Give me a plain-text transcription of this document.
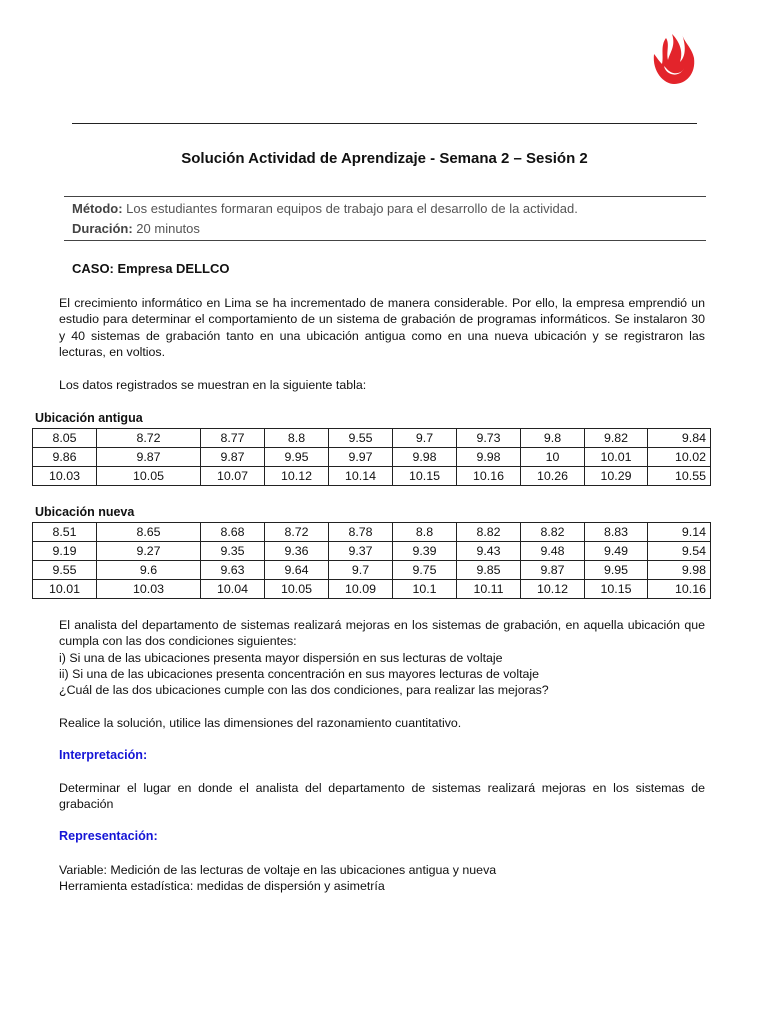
Solución Actividad de Aprendizaje - Semana 2 – Sesión 2
Método: Los estudiantes formaran equipos de trabajo para el desarrollo de la actividad.
Duración: 20 minutos
CASO: Empresa DELLCO

El crecimiento informático en Lima se ha incrementado de manera considerable. Por ello, la empresa emprendió un estudio para determinar el comportamiento de un sistema de grabación de programas informáticos. Se instalaron 30 y 40 sistemas de grabación tanto en una ubicación antigua como en una nueva ubicación y se registraron las lecturas, en voltios.

Los datos registrados se muestran en la siguiente tabla:

Ubicación antigua
8.05	8.72	8.77	8.8	9.55	9.7	9.73	9.8	9.82	9.84
9.86	9.87	9.87	9.95	9.97	9.98	9.98	10	10.01	10.02
10.03	10.05	10.07	10.12	10.14	10.15	10.16	10.26	10.29	10.55
Ubicación nueva
8.51	8.65	8.68	8.72	8.78	8.8	8.82	8.82	8.83	9.14
9.19	9.27	9.35	9.36	9.37	9.39	9.43	9.48	9.49	9.54
9.55	9.6	9.63	9.64	9.7	9.75	9.85	9.87	9.95	9.98
10.01	10.03	10.04	10.05	10.09	10.1	10.11	10.12	10.15	10.16
El analista del departamento de sistemas realizará mejoras en los sistemas de grabación, en aquella ubicación que cumpla con las dos condiciones siguientes:
i) Si una de las ubicaciones presenta mayor dispersión en sus lecturas de voltaje
ii) Si una de las ubicaciones presenta concentración en sus mayores lecturas de voltaje
¿Cuál de las dos ubicaciones cumple con las dos condiciones, para realizar las mejoras?

Realice la solución, utilice las dimensiones del razonamiento cuantitativo.

Interpretación:

Determinar el lugar en donde el analista del departamento de sistemas realizará mejoras en los sistemas de grabación

Representación:
Variable: Medición de las lecturas de voltaje en las ubicaciones antigua y nueva
Herramienta estadística: medidas de dispersión y asimetría
